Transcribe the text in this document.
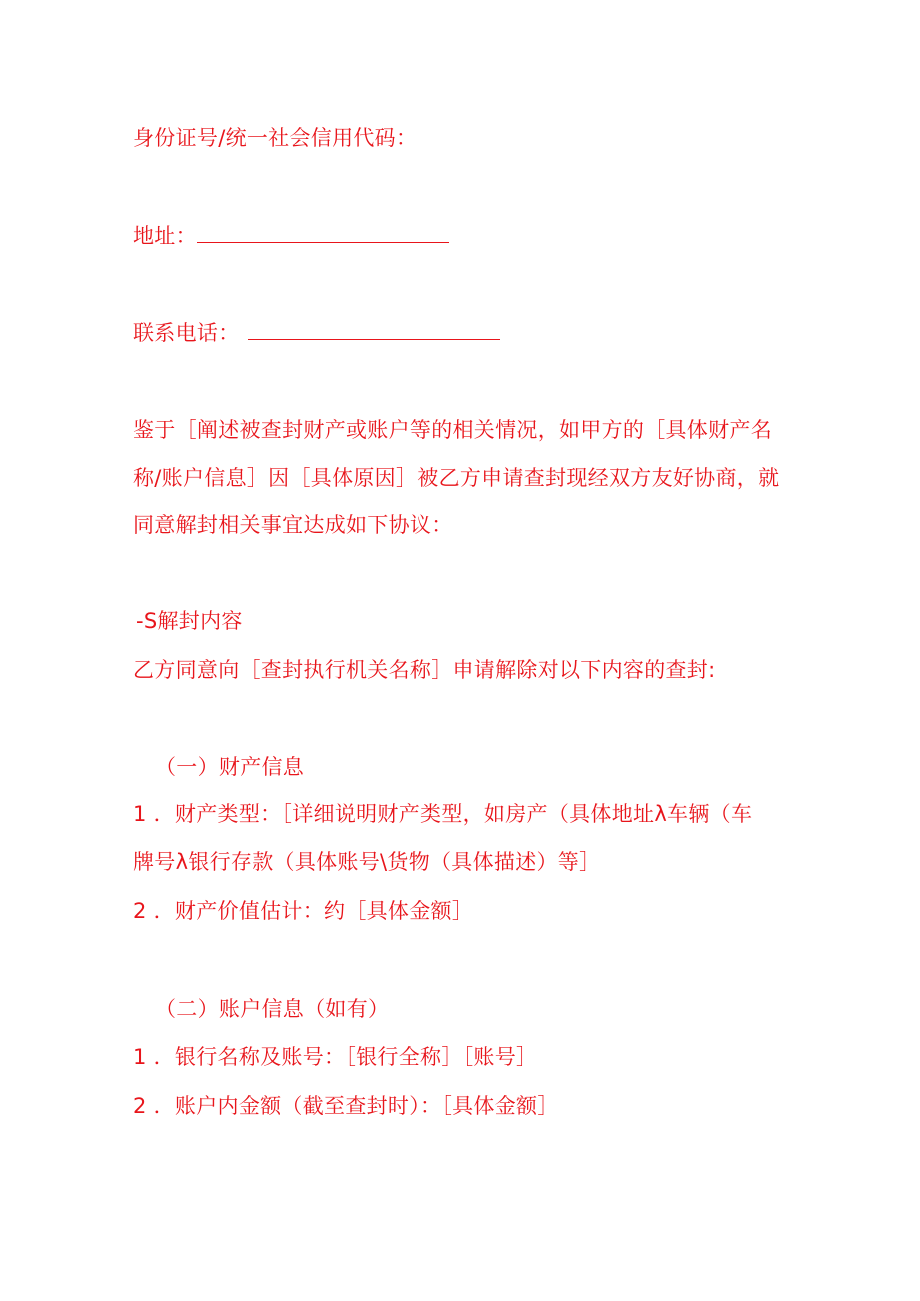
身份证号/统一社会信用代码：
地址：
联系电话：
鉴于［阐述被查封财产或账户等的相关情况，如甲方的［具体财产名
称/账户信息］因［具体原因］被乙方申请查封现经双方友好协商，就
同意解封相关事宜达成如下协议：
-S解封内容
乙方同意向［查封执行机关名称］申请解除对以下内容的查封:
（一）财产信息
1 ．财产类型：［详细说明财产类型，如房产（具体地址λ车辆（车
牌号λ银行存款（具体账号\货物（具体描述）等］
2 ．财产价值估计：约［具体金额］
（二）账户信息（如有）
1 ．银行名称及账号：［银行全称］［账号］
2 ．账户内金额（截至查封时）：［具体金额］
